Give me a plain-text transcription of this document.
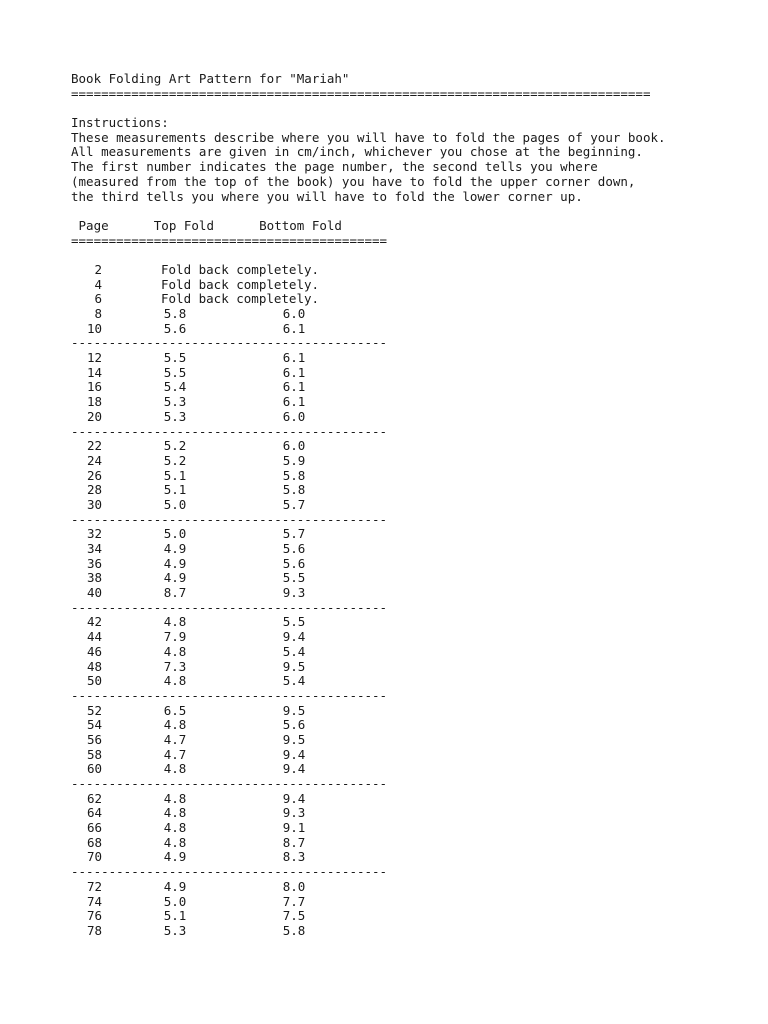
Book Folding Art Pattern for "Mariah"
=============================================================================
Instructions:
These measurements describe where you will have to fold the pages of your book.
All measurements are given in cm/inch, whichever you chose at the beginning.
The first number indicates the page number, the second tells you where
(measured from the top of the book) you have to fold the upper corner down,
the third tells you where you will have to fold the lower corner up.
Page      Top Fold      Bottom Fold
==========================================
2	Fold back completely.
4	Fold back completely.
6	Fold back completely.
8	5.8	6.0
10	5.6	6.1
------------------------------------------
12	5.5	6.1
14	5.5	6.1
16	5.4	6.1
18	5.3	6.1
20	5.3	6.0
------------------------------------------
22	5.2	6.0
24	5.2	5.9
26	5.1	5.8
28	5.1	5.8
30	5.0	5.7
------------------------------------------
32	5.0	5.7
34	4.9	5.6
36	4.9	5.6
38	4.9	5.5
40	8.7	9.3
------------------------------------------
42	4.8	5.5
44	7.9	9.4
46	4.8	5.4
48	7.3	9.5
50	4.8	5.4
------------------------------------------
52	6.5	9.5
54	4.8	5.6
56	4.7	9.5
58	4.7	9.4
60	4.8	9.4
------------------------------------------
62	4.8	9.4
64	4.8	9.3
66	4.8	9.1
68	4.8	8.7
70	4.9	8.3
------------------------------------------
72	4.9	8.0
74	5.0	7.7
76	5.1	7.5
78	5.3	5.8
